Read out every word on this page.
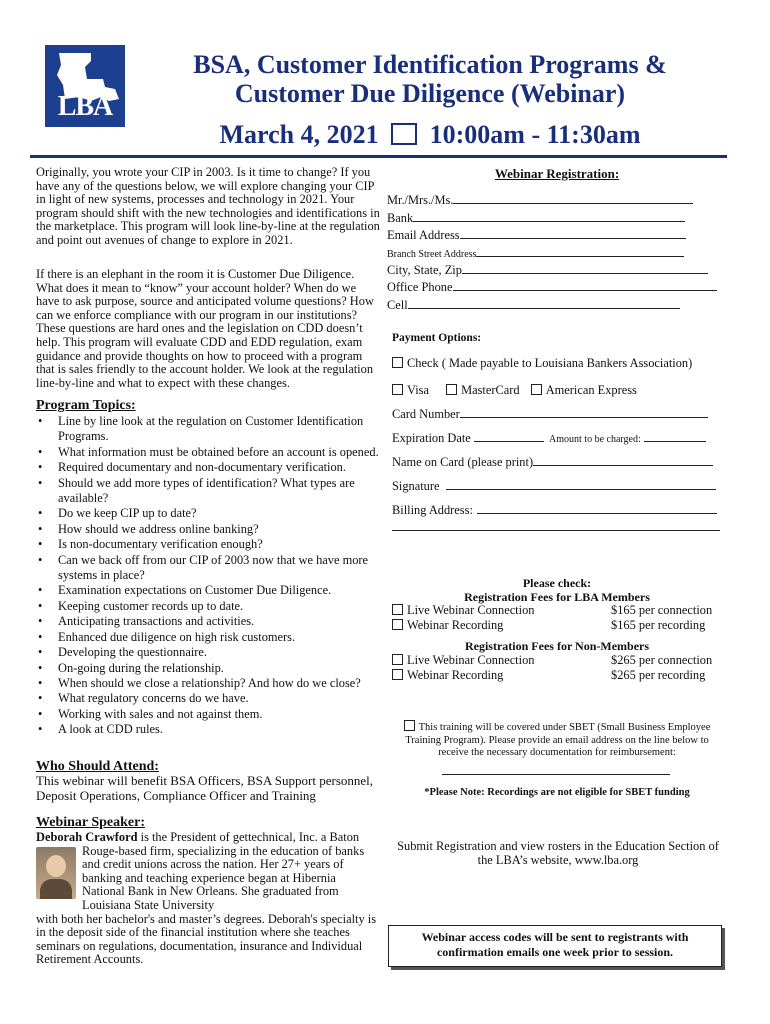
LBA
BSA, Customer Identification Programs & Customer Due Diligence (Webinar)
March 4, 2021 10:00am - 11:30am
Originally, you wrote your CIP in 2003. Is it time to change? If you have any of the questions below, we will explore changing your CIP in light of new systems, processes and technology in 2021. Your program should shift with the new technologies and identifications in the marketplace. This program will look line-by-line at the regulation and point out avenues of change to explore in 2021.
If there is an elephant in the room it is Customer Due Diligence. What does it mean to “know” your account holder? When do we have to ask purpose, source and anticipated volume questions? How can we enforce compliance with our program in our institutions? These questions are hard ones and the legislation on CDD doesn’t help. This program will evaluate CDD and EDD regulation, exam guidance and provide thoughts on how to proceed with a program that is sales friendly to the account holder. We look at the regulation line-by-line and what to expect with these changes.
Program Topics:
• Line by line look at the regulation on Customer Identification Programs.
• What information must be obtained before an account is opened.
• Required documentary and non-documentary verification.
• Should we add more types of identification? What types are available?
• Do we keep CIP up to date?
• How should we address online banking?
• Is non-documentary verification enough?
• Can we back off from our CIP of 2003 now that we have more systems in place?
• Examination expectations on Customer Due Diligence.
• Keeping customer records up to date.
• Anticipating transactions and activities.
• Enhanced due diligence on high risk customers.
• Developing the questionnaire.
• On-going during the relationship.
• When should we close a relationship? And how do we close?
• What regulatory concerns do we have.
• Working with sales and not against them.
• A look at CDD rules.
Who Should Attend:
This webinar will benefit BSA Officers, BSA Support personnel, Deposit Operations, Compliance Officer and Training
Webinar Speaker:
Deborah Crawford is the President of gettechnical, Inc. a Baton
Rouge-based firm, specializing in the education of banks and credit unions across the nation. Her 27+ years of banking and teaching experience began at Hibernia National Bank in New Orleans. She graduated from Louisiana State University
with both her bachelor's and master’s degrees. Deborah's specialty is in the deposit side of the financial institution where she teaches seminars on regulations, documentation, insurance and Individual Retirement Accounts.
Webinar Registration:
Mr./Mrs./Ms.
Bank
Email Address
Branch Street Address
City, State, Zip
Office Phone
Cell
Payment Options:
Check ( Made payable to Louisiana Bankers Association)
Visa	MasterCard American Express
Card Number
Expiration Date	Amount to be charged:
Name on Card (please print)
Signature
Billing Address:
Please check:
Registration Fees for LBA Members
Live Webinar Connection	$165 per connection
Webinar Recording	$165 per recording
Registration Fees for Non-Members
Live Webinar Connection	$265 per connection
Webinar Recording	$265 per recording
This training will be covered under SBET (Small Business Employee Training Program). Please provide an email address on the line below to receive the necessary documentation for reimbursement:
*Please Note: Recordings are not eligible for SBET funding
Submit Registration and view rosters in the Education Section of the LBA’s website, www.lba.org
Webinar access codes will be sent to registrants with confirmation emails one week prior to session.
